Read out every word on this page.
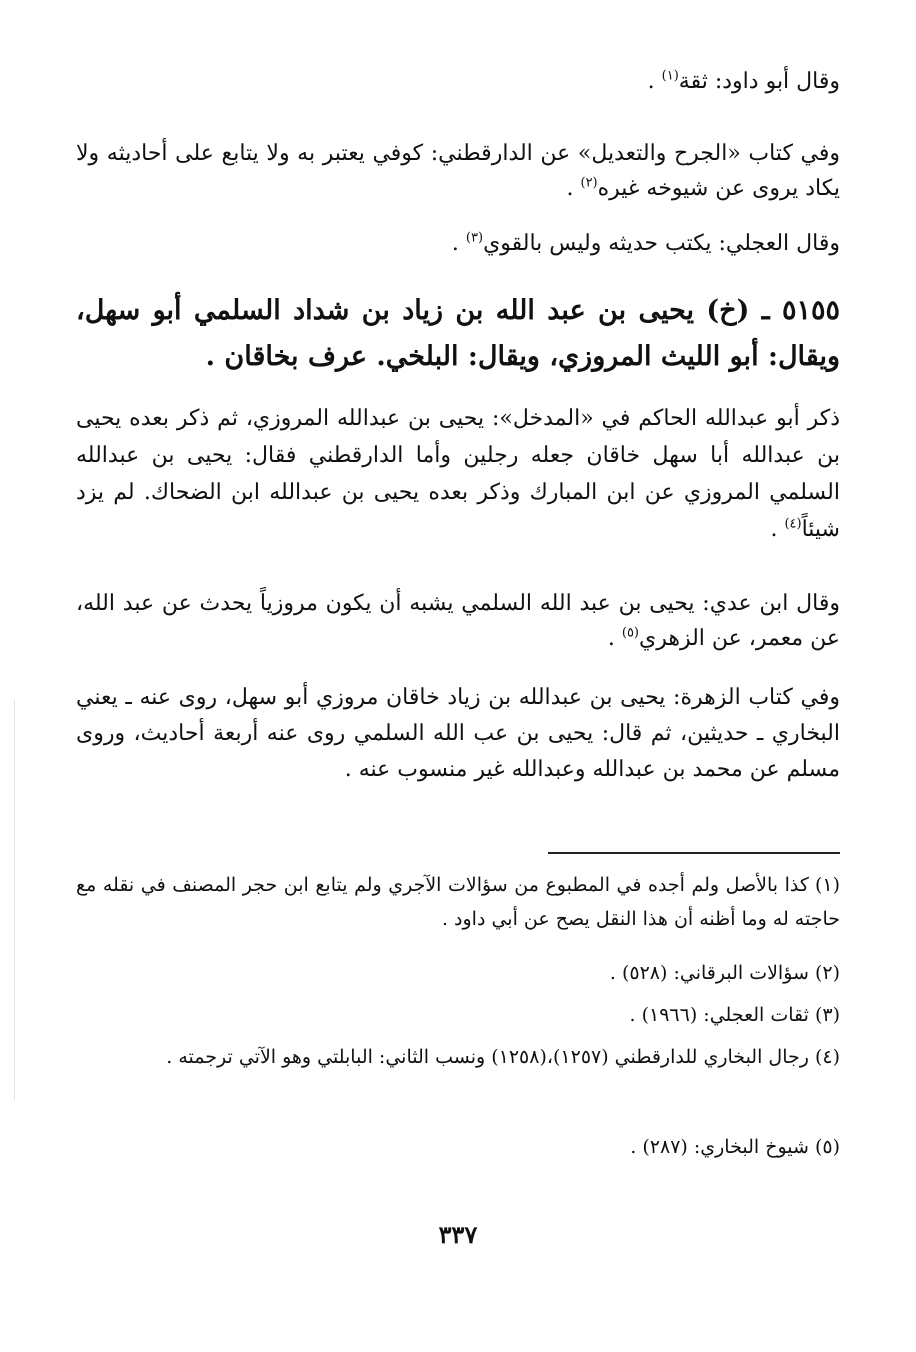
وقال أبو داود: ثقة$^{(١)}$ .

وفي كتاب «الجرح والتعديل» عن الدارقطني: كوفي يعتبر به ولا يتابع على أحاديثه ولا يكاد يروى عن شيوخه غيره$^{(٢)}$ .

وقال العجلي: يكتب حديثه وليس بالقوي$^{(٣)}$ .

٥١٥٥ ـ (خ) يحيى بن عبد الله بن زياد بن شداد السلمي أبو سهل، ويقال: أبو الليث المروزي، ويقال: البلخي. عرف بخاقان .

ذكر أبو عبدالله الحاكم في «المدخل»: يحيى بن عبدالله المروزي، ثم ذكر بعده يحيى بن عبدالله أبا سهل خاقان جعله رجلين وأما الدارقطني فقال: يحيى بن عبدالله السلمي المروزي عن ابن المبارك وذكر بعده يحيى بن عبدالله ابن الضحاك. لم يزد شيئاً$^{(٤)}$ .

وقال ابن عدي: يحيى بن عبد الله السلمي يشبه أن يكون مروزياً يحدث عن عبد الله، عن معمر، عن الزهري$^{(٥)}$ .

وفي كتاب الزهرة: يحيى بن عبدالله بن زياد خاقان مروزي أبو سهل، روى عنه ـ يعني البخاري ـ حديثين، ثم قال: يحيى بن عب الله السلمي روى عنه أربعة أحاديث، وروى مسلم عن محمد بن عبدالله وعبدالله غير منسوب عنه .

(١)كذا بالأصل ولم أجده في المطبوع من سؤالات الآجري ولم يتابع ابن حجر المصنف في نقله مع حاجته له وما أظنه أن هذا النقل يصح عن أبي داود .
(٢)سؤالات البرقاني: (٥٢٨) .
(٣)ثقات العجلي: (١٩٦٦) .
(٤)رجال البخاري للدارقطني (١٢٥٧)،(١٢٥٨) ونسب الثاني: البابلتي وهو الآتي ترجمته .
(٥)شيوخ البخاري: (٢٨٧) .
٣٣٧
